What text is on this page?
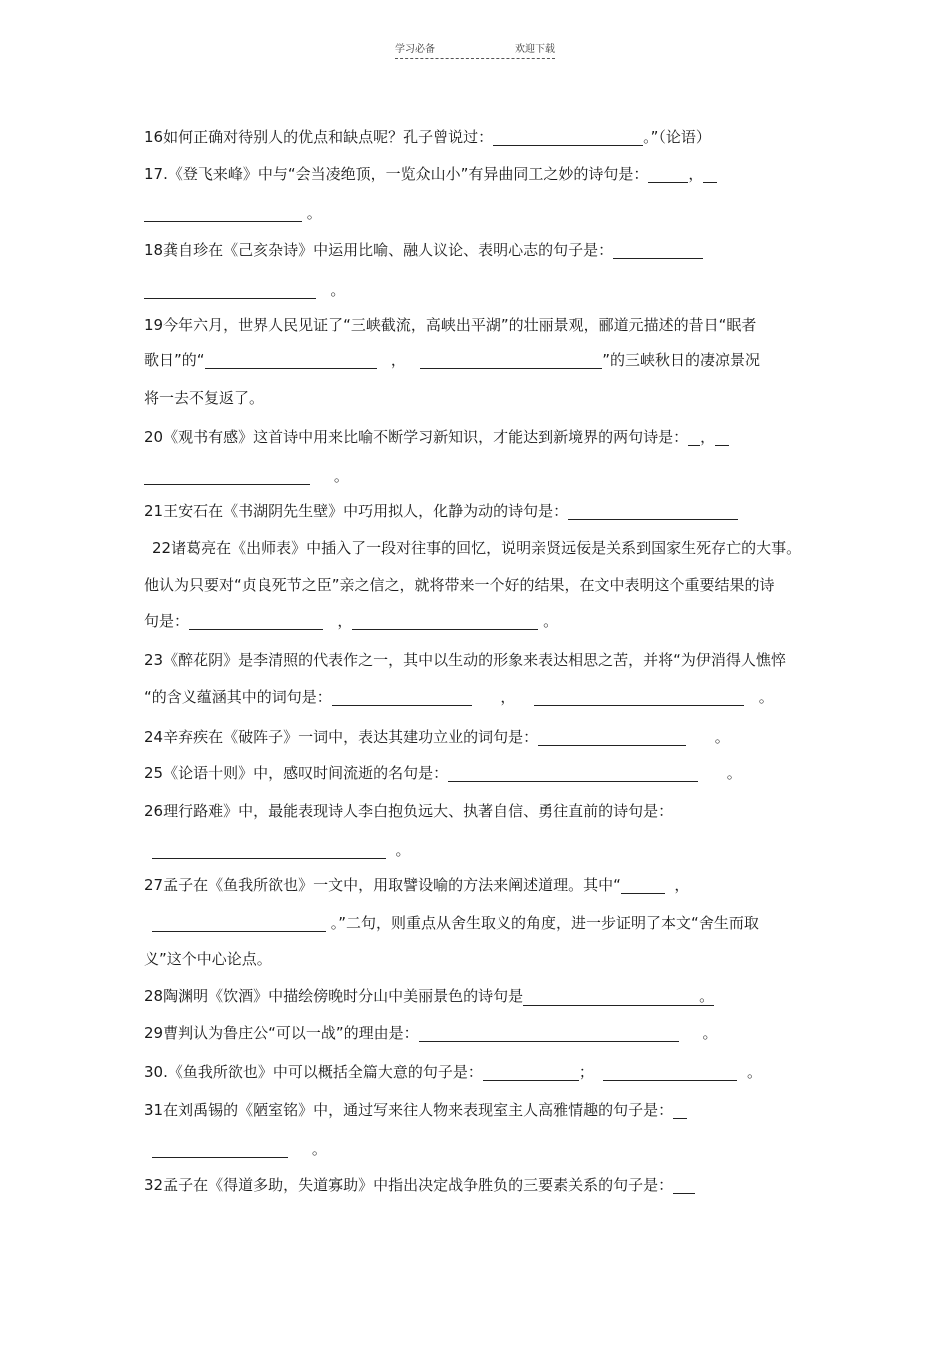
学习必备	欢迎下载
16如何正确对待别人的优点和缺点呢？孔子曾说过：	。”（论语）
17.《登飞来峰》中与“会当凌绝顶，一览众山小”有异曲同工之妙的诗句是：	，
。
18龚自珍在《己亥杂诗》中运用比喻、融人议论、表明心志的句子是：
。
19今年六月，世界人民见证了“三峡截流，高峡出平湖”的壮丽景观，郦道元描述的昔日“眠者
歌日”的“	，	”的三峡秋日的凄凉景况
将一去不复返了。
20《观书有感》这首诗中用来比喻不断学习新知识，才能达到新境界的两句诗是： ，
。
21王安石在《书湖阴先生壁》中巧用拟人，化静为动的诗句是：
22诸葛亮在《出师表》中插入了一段对往事的回忆，说明亲贤远佞是关系到国家生死存亡的大事。
他认为只要对“贞良死节之臣”亲之信之，就将带来一个好的结果，在文中表明这个重要结果的诗
句是：	，	。
23《醉花阴》是李清照的代表作之一，其中以生动的形象来表达相思之苦，并将“为伊消得人憔悴
“的含义蕴涵其中的词句是：	，	。
24辛弃疾在《破阵子》一词中，表达其建功立业的词句是：	。
25《论语十则》中，感叹时间流逝的名句是：	。
26理行路难》中，最能表现诗人李白抱负远大、执著自信、勇往直前的诗句是：
。
27孟子在《鱼我所欲也》一文中，用取譬设喻的方法来阐述道理。其中“	，
。”二句，则重点从舍生取义的角度，进一步证明了本文“舍生而取
义”这个中心论点。
28陶渊明《饮酒》中描绘傍晚时分山中美丽景色的诗句是	。
29曹判认为鲁庄公“可以一战”的理由是：	。
30.《鱼我所欲也》中可以概括全篇大意的句子是：	；	。
31在刘禹锡的《陋室铭》中，通过写来往人物来表现室主人高雅情趣的句子是：
。
32孟子在《得道多助，失道寡助》中指出决定战争胜负的三要素关系的句子是：
